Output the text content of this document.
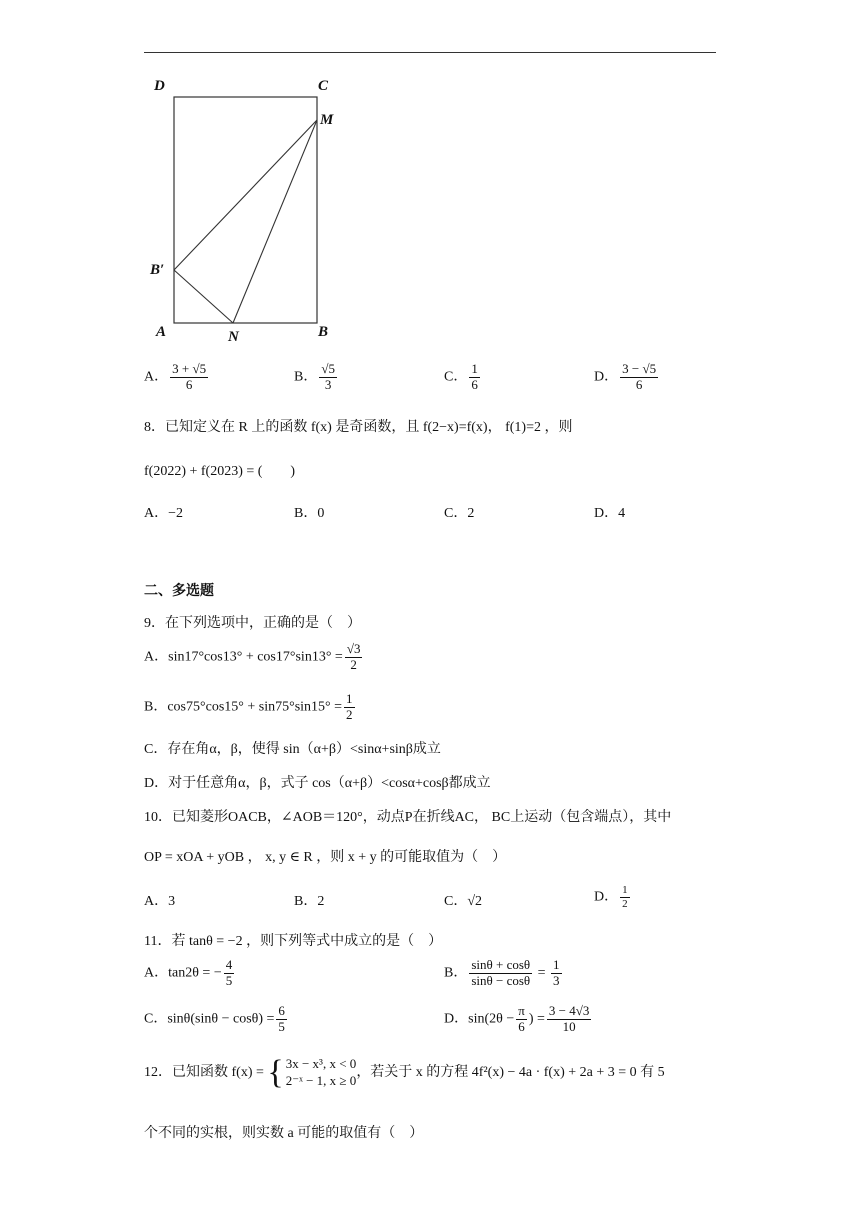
D	C
M
B′
A	N	B
A． $\frac{3 + √5}{6}$	B． $\frac{√5}{3}$	C． $\frac{1}{6}$	D． $\frac{3 - √5}{6}$
8．已知定义在 R 上的函数 f(x) 是奇函数，且 f(2−x)=f(x)， f(1)=2 ，则
f(2022) + f(2023) = (　　)
A．−2	B．0	C．2	D．4
二、多选题
9．在下列选项中，正确的是（　）
A．$\sin 17^\circ\cos 13^\circ + \cos 17^\circ\sin 13^\circ = \frac{√3}{2}$
B．$\cos 75^\circ\cos 15^\circ + \sin 75^\circ\sin 15^\circ = \frac{1}{2}$
C．存在角α，β，使得 sin（α+β）<sinα+sinβ成立
D．对于任意角α，β，式子 cos（α+β）<cosα+cosβ都成立
10．已知菱形OACB，∠AOB＝120°，动点P在折线AC， BC上运动（包含端点），其中
OP = xOA + yOB ， x, y ∈ R ，则 x + y 的可能取值为（　）
A．3	B．2	C．√2	D． $\frac{1}{2}$
11．若 tanθ = −2 ，则下列等式中成立的是（　）
A．tan2θ = − $\frac{4}{5}$	B． $\frac{\sin\theta + \cos\theta}{\sin\theta - \cos\theta} = \frac{1}{3}$
C．$\sin\theta(\sin\theta - \cos\theta) = \frac{6}{5}$	D．$\sin(2\theta - \frac{\pi}{6}$ ) = $\frac{3 - 4√3}{10}$
12．已知函数 f(x) = { 3x − x³, x < 0
2⁻ˣ − 1, x ≥ 0
，若关于 x 的方程 4f²(x) − 4a · f(x) + 2a + 3 = 0 有 5
个不同的实根，则实数 a 可能的取值有（　）
